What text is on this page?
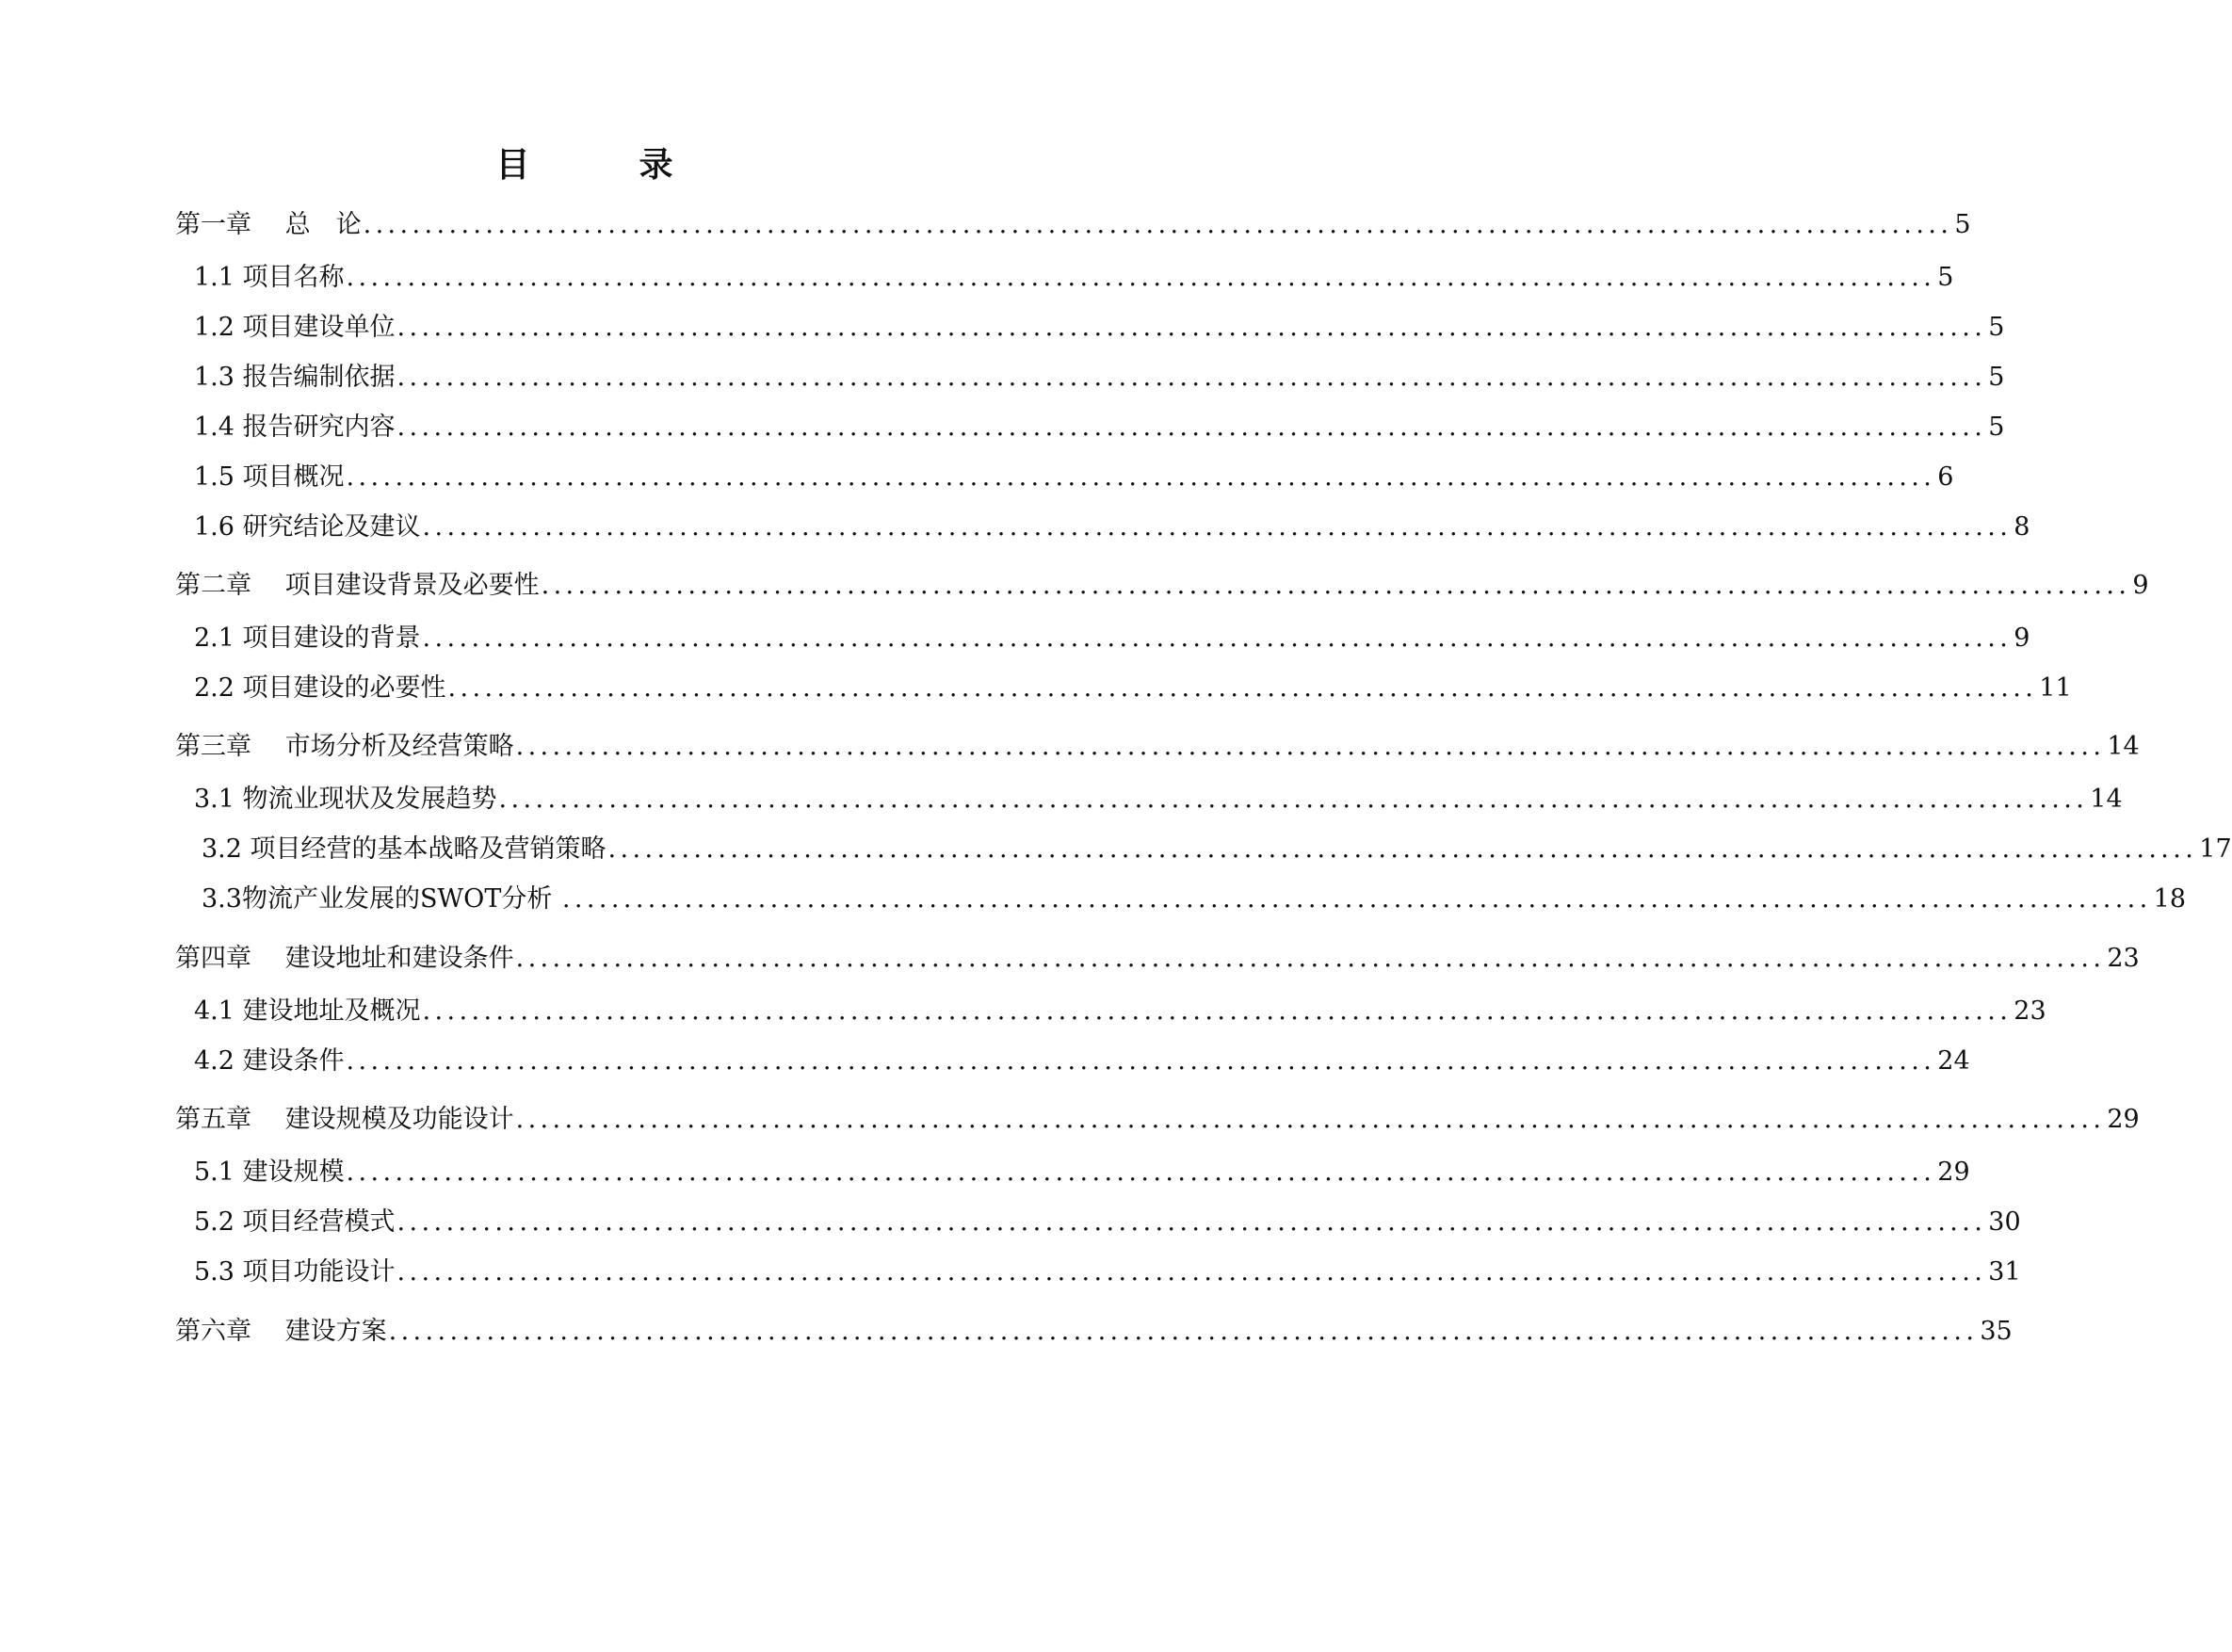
目　录
第一章　 总　论 .................................................................................................................................. 5
1.1 项目名称 .................................................................................................................................. 5
1.2 项目建设单位 .................................................................................................................................. 5
1.3 报告编制依据 .................................................................................................................................. 5
1.4 报告研究内容 .................................................................................................................................. 5
1.5 项目概况 .................................................................................................................................. 6
1.6 研究结论及建议 .................................................................................................................................. 8
第二章　 项目建设背景及必要性 .................................................................................................................................. 9
2.1 项目建设的背景 .................................................................................................................................. 9
2.2 项目建设的必要性 .................................................................................................................................. 11
第三章　 市场分析及经营策略 .................................................................................................................................. 14
3.1 物流业现状及发展趋势 .................................................................................................................................. 14
3.2 项目经营的基本战略及营销策略 .................................................................................................................................. 17
3.3物流产业发展的SWOT分析 .................................................................................................................................. 18
第四章　 建设地址和建设条件 .................................................................................................................................. 23
4.1 建设地址及概况 .................................................................................................................................. 23
4.2 建设条件 .................................................................................................................................. 24
第五章　 建设规模及功能设计 .................................................................................................................................. 29
5.1 建设规模 .................................................................................................................................. 29
5.2 项目经营模式 .................................................................................................................................. 30
5.3 项目功能设计 .................................................................................................................................. 31
第六章　 建设方案 .................................................................................................................................. 35
